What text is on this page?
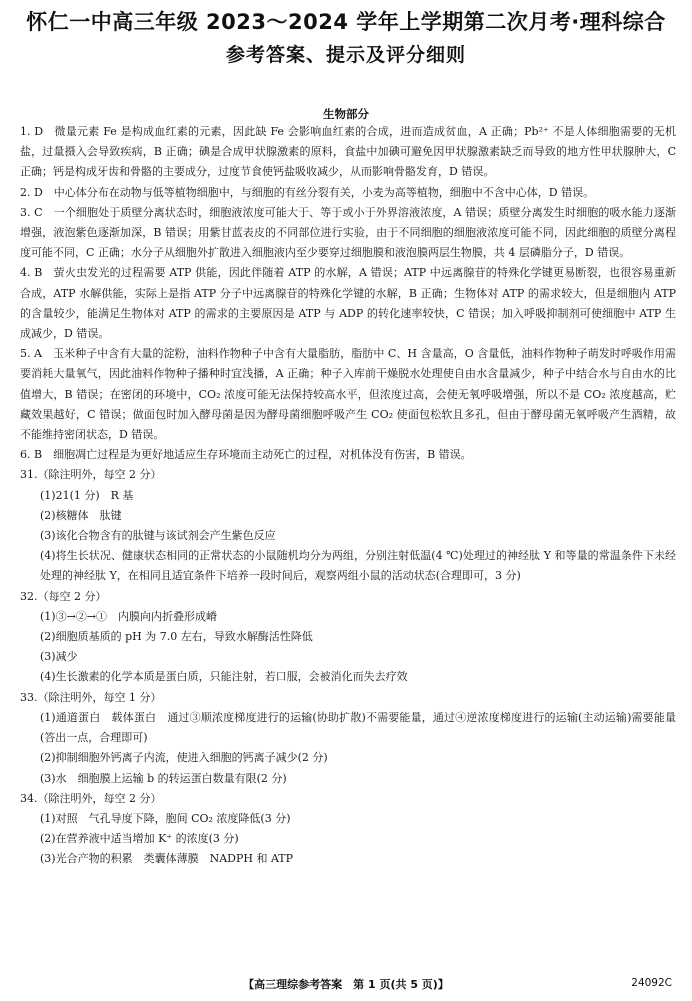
怀仁一中高三年级 2023～2024 学年上学期第二次月考·理科综合
参考答案、提示及评分细则
生物部分

1. D　微量元素 Fe 是构成血红素的元素，因此缺 Fe 会影响血红素的合成，进而造成贫血，A 正确；Pb²⁺ 不是人体细胞需要的无机盐，过量摄入会导致疾病，B 正确；碘是合成甲状腺激素的原料，食盐中加碘可避免因甲状腺激素缺乏而导致的地方性甲状腺肿大，C 正确；钙是构成牙齿和骨骼的主要成分，过度节食使钙盐吸收减少，从而影响骨骼发育，D 错误。

2. D　中心体分布在动物与低等植物细胞中，与细胞的有丝分裂有关，小麦为高等植物，细胞中不含中心体，D 错误。

3. C　一个细胞处于质壁分离状态时，细胞液浓度可能大于、等于或小于外界溶液浓度，A 错误；质壁分离发生时细胞的吸水能力逐渐增强，液泡紫色逐渐加深，B 错误；用紫甘蓝表皮的不同部位进行实验，由于不同细胞的细胞液浓度可能不同，因此细胞的质壁分离程度可能不同，C 正确；水分子从细胞外扩散进入细胞液内至少要穿过细胞膜和液泡膜两层生物膜，共 4 层磷脂分子，D 错误。

4. B　萤火虫发光的过程需要 ATP 供能，因此伴随着 ATP 的水解，A 错误；ATP 中远离腺苷的特殊化学键更易断裂，也很容易重新合成，ATP 水解供能，实际上是指 ATP 分子中远离腺苷的特殊化学键的水解，B 正确；生物体对 ATP 的需求较大，但是细胞内 ATP 的含量较少，能满足生物体对 ATP 的需求的主要原因是 ATP 与 ADP 的转化速率较快，C 错误；加入呼吸抑制剂可使细胞中 ATP 生成减少，D 错误。

5. A　玉米种子中含有大量的淀粉，油料作物种子中含有大量脂肪，脂肪中 C、H 含量高，O 含量低，油料作物种子萌发时呼吸作用需要消耗大量氧气，因此油料作物种子播种时宜浅播，A 正确；种子入库前干燥脱水处理使自由水含量减少，种子中结合水与自由水的比值增大，B 错误；在密闭的环境中，CO₂ 浓度可能无法保持较高水平，但浓度过高，会使无氧呼吸增强，所以不是 CO₂ 浓度越高，贮藏效果越好，C 错误；做面包时加入酵母菌是因为酵母菌细胞呼吸产生 CO₂ 使面包松软且多孔，但由于酵母菌无氧呼吸产生酒精，故不能维持密闭状态，D 错误。

6. B　细胞凋亡过程是为更好地适应生存环境而主动死亡的过程，对机体没有伤害，B 错误。

31.（除注明外，每空 2 分）

(1)21(1 分)　R 基

(2)核糖体　肽键

(3)该化合物含有的肽键与该试剂会产生紫色反应

(4)将生长状况、健康状态相同的正常状态的小鼠随机均分为两组，分别注射低温(4 ℃)处理过的神经肽 Y 和等量的常温条件下未经处理的神经肽 Y，在相同且适宜条件下培养一段时间后，观察两组小鼠的活动状态(合理即可，3 分)

32.（每空 2 分）

(1)③→②→①　内膜向内折叠形成嵴

(2)细胞质基质的 pH 为 7.0 左右，导致水解酶活性降低

(3)减少

(4)生长激素的化学本质是蛋白质，只能注射，若口服，会被消化而失去疗效

33.（除注明外，每空 1 分）

(1)通道蛋白　载体蛋白　通过③顺浓度梯度进行的运输(协助扩散)不需要能量，通过④逆浓度梯度进行的运输(主动运输)需要能量(答出一点，合理即可)

(2)抑制细胞外钙离子内流，使进入细胞的钙离子减少(2 分)

(3)水　细胞膜上运输 b 的转运蛋白数量有限(2 分)

34.（除注明外，每空 2 分）

(1)对照　气孔导度下降，胞间 CO₂ 浓度降低(3 分)

(2)在营养液中适当增加 K⁺ 的浓度(3 分)

(3)光合产物的积累　类囊体薄膜　NADPH 和 ATP

【高三理综参考答案　第 1 页(共 5 页)】	24092C
